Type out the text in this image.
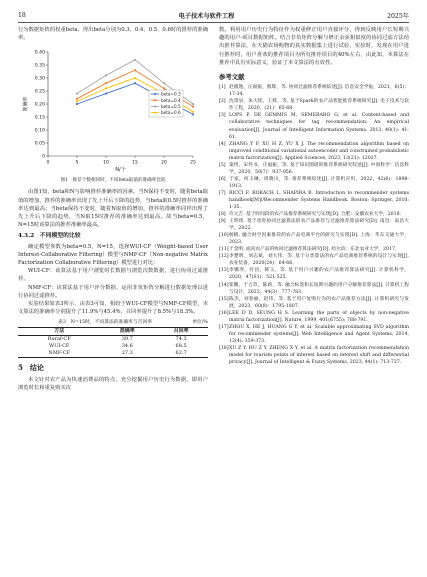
18	电子技术与软件工程	2025年

行为数据矩阵的权重beta，得出beta分别为0.3、0.4、0.5、0.6时的推荐的准确率。

0
0.05
0.10
0.15
0.20
0.25
0.30
0.35
0.40
0	5	10	15	20	25
N/个
准确率
beta=0.3
beta=0.4
beta=0.5
beta=0.6
图1　推荐个数相同时，不同beta取值的准确率比较

由图1知，beta和N与影响推荐准确率的因素。当N保持不变时，随着beta取值的增加，推荐的准确率出现了先上升后下降的趋势，当beta取0.5时推荐的准确率达到最高；当beta保持不变时，随着N取值的增加，推荐的准确率同样出现了先上升后下降的趋势，当N取15时推荐的准确率达到最高。故当beta=0.5，N=15时该算法的推荐准确率最高。

4.3.2　不同模型的比较

确定模型参数为beta=0.5，N=15，选择WUI-CF（Weight-based User Interest-Collaborative Filtering）模型与NMF-CF（Non-negative Matrix Factorization Collaborative Filtering）模型进行对比：

WUI-CF：该算法基于用户浏览时长数据与浏览次数数据，进行协同过滤推荐。

NMF-CF：该算法基于用户评分数据，运用非负矩阵分解进行数据处理以进行协同过滤推荐。

实验结果如表3所示，由表3可知，相较于WUI-CF模型与NMF-CF模型，本文算法的准确率分别提升了11.9%与45.4%，召回率提升了8.5%与18.3%。

表3　N=15时，不同算法的准确率与召回率	单位/%
方法	准确率	召回率
Ruraf-CF	39.7	74.3
WUI-CF	34.6	68.5
NMF-CF	27.3	62.7
5　结论

本文针对农产品为快速消费品的特点，充分挖掘用户历史行为数据，即用户浏览时长和重复购买次

数。利用用户历史行为特征作为权重修正用户直接评分，得到反映用户长短期兴趣的用户-项目数据矩阵。结合非负矩阵分解与修正余弦相似度的协同过滤方法给出推荐算法，在天猫农场购物的真实数据集上进行试验，实验时，发现在用户进行推荐时，用户喜欢的推荐项目为所有推荐项目的40%左右，由此知，本算法在推荐中具有实际意义，验证了本文算法的有效性。

参考文献
[1] 赵薇逸，庄福振，熊辉，等. 协同过滤推荐系统综述[J]. 信息安全学报，2021，6(5)：17-34.
[2] 沈霄泉，朱大炜，王辉，等. 基于Spark的农产品智能推荐系统研究[J]. 电子技术与软件工程，2020，(21)：65-68.
[3] LOPS P, DE GEMMIS M, SEMERARO G, et al. Content-based and collaborative techniques for tag recommendation: An empirical evaluation[J]. Journal of Intelligent Information Systems, 2013, 40(1): 41-61.
[4] ZHANG Y F, XU H Z, YU X J. The recommendation algorithm based on improved conditional variational autoencoder and constrained probabilistic matrix factorization[J]. Applied Sciences, 2023, 13(21): 12027.
[5] 秦玥，宋怀书，庄福振，等. 基于知识图谱的推荐系统研究综述[J]. 中国科学：信息科学，2020，50(7)：937-956.
[6] 于家，何玉琳，周晓川，等. 推荐系统综述[J]. 计算机应用，2022，42(6)：1898-1913.
[7] RICCI F, ROKACH L, SHAPIRA B. Introduction to recommender systems handbook[M]//Recommender Systems Handbook. Boston: Springer, 2010: 1-35.
[8] 许元吉. 基于时间段的农产品推荐系统研究与实现[D]. 合肥：安徽农业大学，2018.
[9] 王明琦. 基于改进协同过滤算法的农产品推荐与过滤推荐算法研究[D]. 南昌：南昌大学，2022.
[10] 杨帆. 融合时空因素推荐的农产品电商平台的研究与实现[D]. 上海：华东交通大学，2023.
[11] 于金明. 面向农产品的协同过滤推荐算法研究[D]. 哈尔滨：东北农业大学，2017.
[12] 李楚明，刘志斌，刘大伟，等. 基于分类算法的农产品电商推荐系统的设计与实现[J]. 农业装备，2020(24)：64-66.
[13] 李娜琴，付昌，韩玉，等. 基于用户兴趣的农产品推荐算法研究[J]. 计算机科学，2020，47(S1)：521-525.
[14] 崔鹏，于万玖，陈新，等. 融合标签和长短期兴趣的用户分解推荐算法[J]. 计算机工程与设计，2023，44(3)：777-783.
[15] 陈杰，刘春丽，赵伟，等. 基于用户复购行为的农产品推荐方法[J]. 计算机研究与发展，2023，60(8)：1795-1807.
[16] LEE D D, SEUNG H S. Learning the parts of objects by non-negative matrix factorization[J]. Nature, 1999, 401(6755): 788-791.
[17] ZHOU X, HE J, HUANG G Y, et al. Scalable approximating SVD algorithm for recommender systems[J]. Web Intelligence and Agent Systems, 2014, 12(4): 359-373.
[18] XU Z Y, HU Z Y, ZHENG X Y, et al. A matrix factorization recommendation model for tourism points of interest based on interest shift and differential privacy[J]. Journal of Intelligent & Fuzzy Systems, 2023, 44(1): 713-727.
